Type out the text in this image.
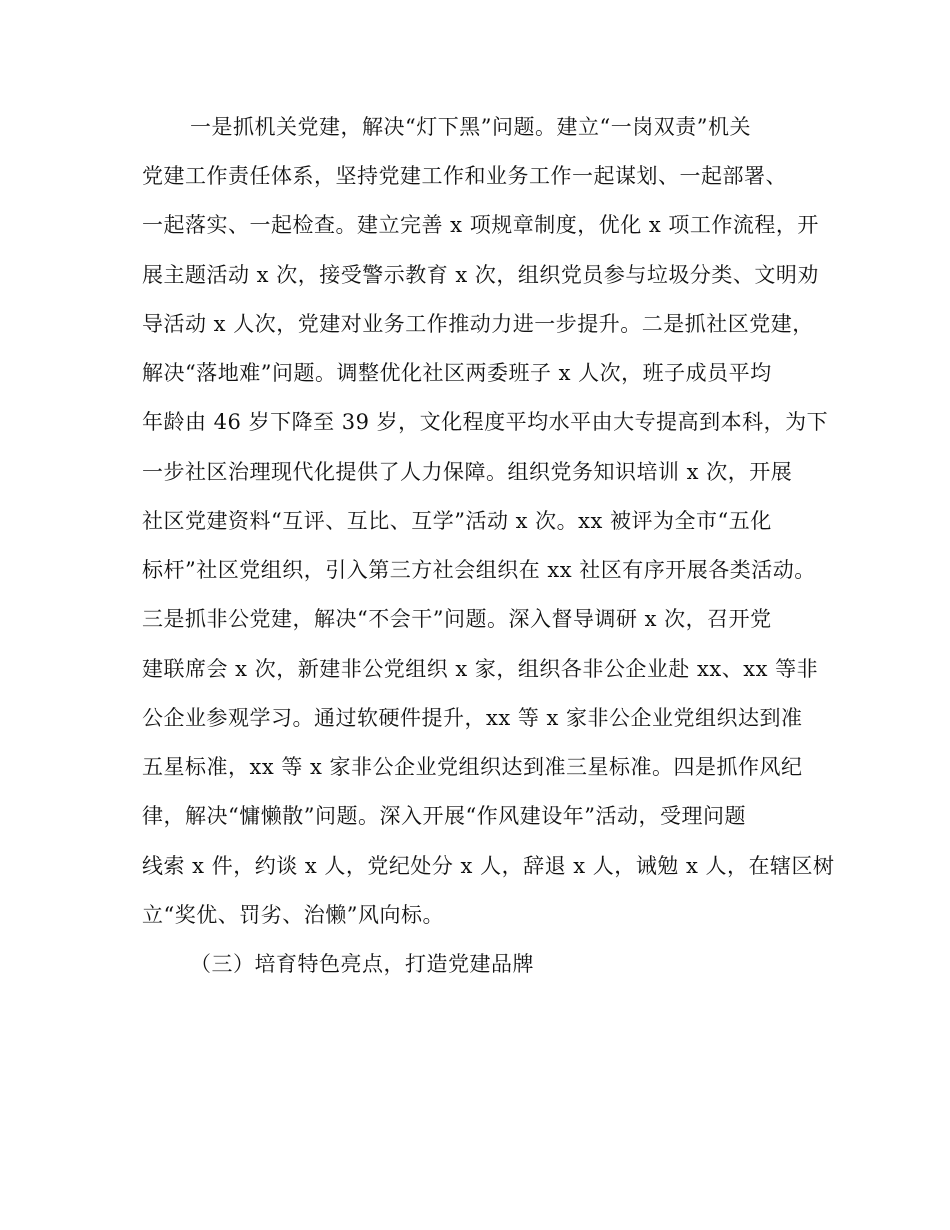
一是抓机关党建，解决“灯下黑”问题。建立“一岗双责”机关
党建工作责任体系，坚持党建工作和业务工作一起谋划、一起部署、
一起落实、一起检查。建立完善 x 项规章制度，优化 x 项工作流程，开
展主题活动 x 次，接受警示教育 x 次，组织党员参与垃圾分类、文明劝
导活动 x 人次，党建对业务工作推动力进一步提升。二是抓社区党建，
解决“落地难”问题。调整优化社区两委班子 x 人次，班子成员平均
年龄由 46 岁下降至 39 岁，文化程度平均水平由大专提高到本科，为下
一步社区治理现代化提供了人力保障。组织党务知识培训 x 次，开展
社区党建资料“互评、互比、互学”活动 x 次。xx 被评为全市“五化
标杆”社区党组织，引入第三方社会组织在 xx 社区有序开展各类活动。
三是抓非公党建，解决“不会干”问题。深入督导调研 x 次，召开党
建联席会 x 次，新建非公党组织 x 家，组织各非公企业赴 xx、xx 等非
公企业参观学习。通过软硬件提升，xx 等 x 家非公企业党组织达到准
五星标准，xx 等 x 家非公企业党组织达到准三星标准。四是抓作风纪
律，解决“慵懒散”问题。深入开展“作风建设年”活动，受理问题
线索 x 件，约谈 x 人，党纪处分 x 人，辞退 x 人，诫勉 x 人，在辖区树
立“奖优、罚劣、治懒”风向标。
（三）培育特色亮点，打造党建品牌
